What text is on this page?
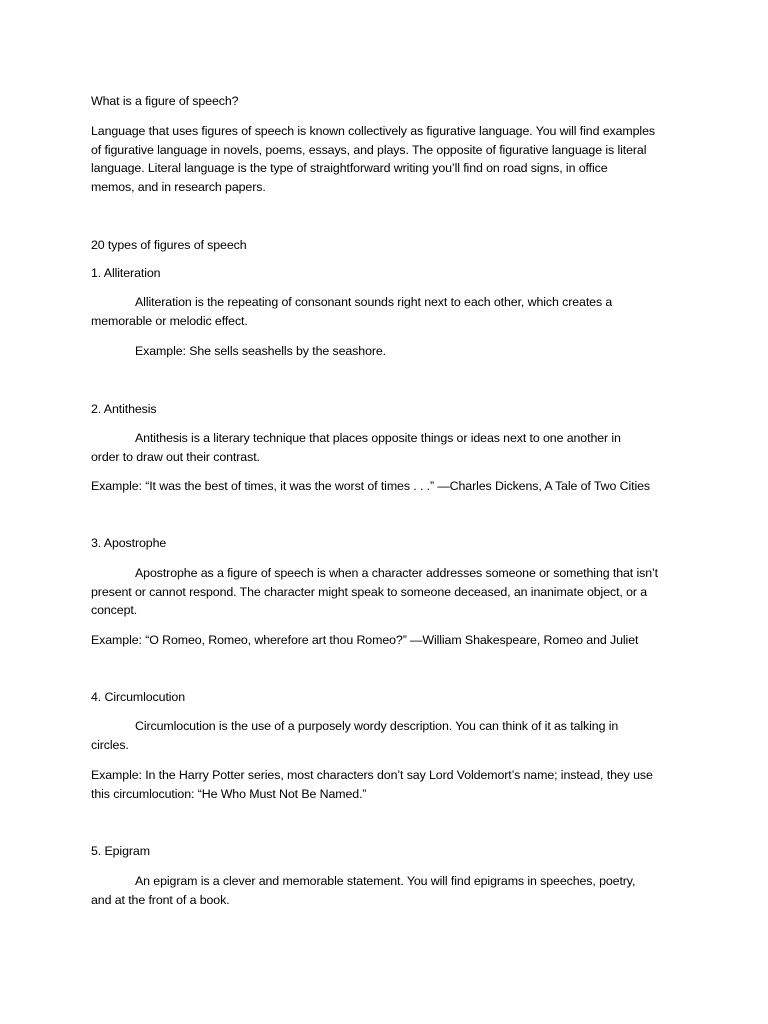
What is a figure of speech?

Language that uses figures of speech is known collectively as figurative language. You will find examples
of figurative language in novels, poems, essays, and plays. The opposite of figurative language is literal
language. Literal language is the type of straightforward writing you’ll find on road signs, in office
memos, and in research papers.

20 types of figures of speech

1. Alliteration

Alliteration is the repeating of consonant sounds right next to each other, which creates a
memorable or melodic effect.

Example: She sells seashells by the seashore.

2. Antithesis

Antithesis is a literary technique that places opposite things or ideas next to one another in
order to draw out their contrast.

Example: “It was the best of times, it was the worst of times . . .” —Charles Dickens, A Tale of Two Cities

3. Apostrophe

Apostrophe as a figure of speech is when a character addresses someone or something that isn’t
present or cannot respond. The character might speak to someone deceased, an inanimate object, or a
concept.

Example: “O Romeo, Romeo, wherefore art thou Romeo?” —William Shakespeare, Romeo and Juliet

4. Circumlocution

Circumlocution is the use of a purposely wordy description. You can think of it as talking in
circles.
Example: In the Harry Potter series, most characters don’t say Lord Voldemort’s name; instead, they use
this circumlocution: “He Who Must Not Be Named.”

5. Epigram

An epigram is a clever and memorable statement. You will find epigrams in speeches, poetry,
and at the front of a book.
